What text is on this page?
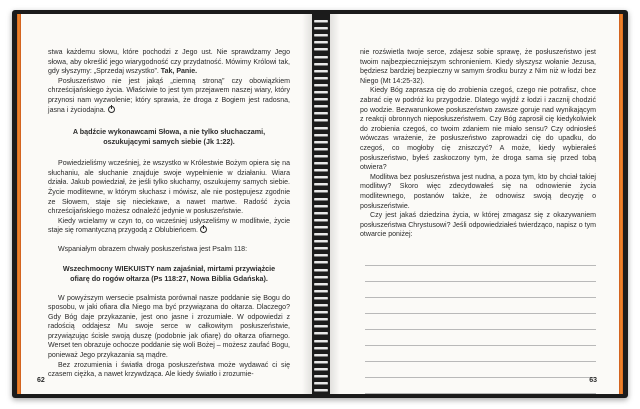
stwa każdemu słowu, które pochodzi z Jego ust. Nie sprawdzamy Jego słowa, aby określić jego wiarygodność czy przydatność. Mówimy Królowi tak, gdy słyszymy: „Sprzedaj wszystko”. Tak, Panie.

Posłuszeństwo nie jest jakąś „ciemną stroną” czy obowiązkiem chrześcijańskiego życia. Właściwie to jest tym przejawem naszej wiary, który przynosi nam wyzwolenie; który sprawia, że droga z Bogiem jest radosna, jasna i życiodajna.

A bądźcie wykonawcami Słowa, a nie tylko słuchaczami, oszukującymi samych siebie (Jk 1:22).

Powiedzieliśmy wcześniej, że wszystko w Królestwie Bożym opiera się na słuchaniu, ale słuchanie znajduje swoje wypełnienie w działaniu. Wiara działa. Jakub powiedział, że jeśli tylko słuchamy, oszukujemy samych siebie. Życie modlitewne, w którym słuchasz i mówisz, ale nie postępujesz zgodnie ze Słowem, staje się nieciekawe, a nawet martwe. Radość życia chrześcijańskiego możesz odnaleźć jedynie w posłuszeństwie.

Kiedy wcielamy w czyn to, co wcześniej usłyszeliśmy w modlitwie, życie staje się romantyczną przygodą z Oblubieńcem.

Wspaniałym obrazem chwały posłuszeństwa jest Psalm 118:

Wszechmocny WIEKUISTY nam zajaśniał, mirtami przywiążcie ofiarę do rogów ołtarza (Ps 118:27, Nowa Biblia Gdańska).

W powyższym wersecie psalmista porównał nasze poddanie się Bogu do sposobu, w jaki ofiara dla Niego ma być przywiązana do ołtarza. Dlaczego? Gdy Bóg daje przykazanie, jest ono jasne i zrozumiałe. W odpowiedzi z radością oddajesz Mu swoje serce w całkowitym posłuszeństwie, przywiązując ścisłe swoją duszę (podobnie jak ofiarę) do ołtarza ofiarnego. Werset ten obrazuje ochocze poddanie się woli Bożej – możesz zaufać Bogu, ponieważ Jego przykazania są mądre.

Bez zrozumienia i światła droga posłuszeństwa może wydawać ci się czasem ciężka, a nawet krzywdząca. Ale kiedy światło i zrozumie-

62

nie rozświetla twoje serce, zdajesz sobie sprawę, że posłuszeństwo jest twoim najbezpieczniejszym schronieniem. Kiedy słyszysz wołanie Jezusa, będziesz bardziej bezpieczny w samym środku burzy z Nim niż w łodzi bez Niego (Mt 14:25-32).

Kiedy Bóg zaprasza cię do zrobienia czegoś, czego nie potrafisz, chce zabrać cię w podróż ku przygodzie. Dlatego wyjdź z łodzi i zacznij chodzić po wodzie. Bezwarunkowe posłuszeństwo zawsze goruje nad wynikającym z reakcji obronnych nieposłuszeństwem. Czy Bóg zaprosił cię kiedykolwiek do zrobienia czegoś, co twoim zdaniem nie miało sensu? Czy odniosłeś wówczas wrażenie, że posłuszeństwo zaprowadzi cię do upadku, do czegoś, co mogłoby cię zniszczyć? A może, kiedy wybierałeś posłuszeństwo, byłeś zaskoczony tym, że droga sama się przed tobą otwiera?

Modlitwa bez posłuszeństwa jest nudna, a poza tym, kto by chciał takiej modlitwy? Skoro więc zdecydowałeś się na odnowienie życia modlitewnego, postanów także, że odnowisz swoją decyzję o posłuszeństwie.

Czy jest jakaś dziedzina życia, w której zmagasz się z okazywaniem posłuszeństwa Chrystusowi? Jeśli odpowiedziałeś twierdząco, napisz o tym otwarcie poniżej:

63
